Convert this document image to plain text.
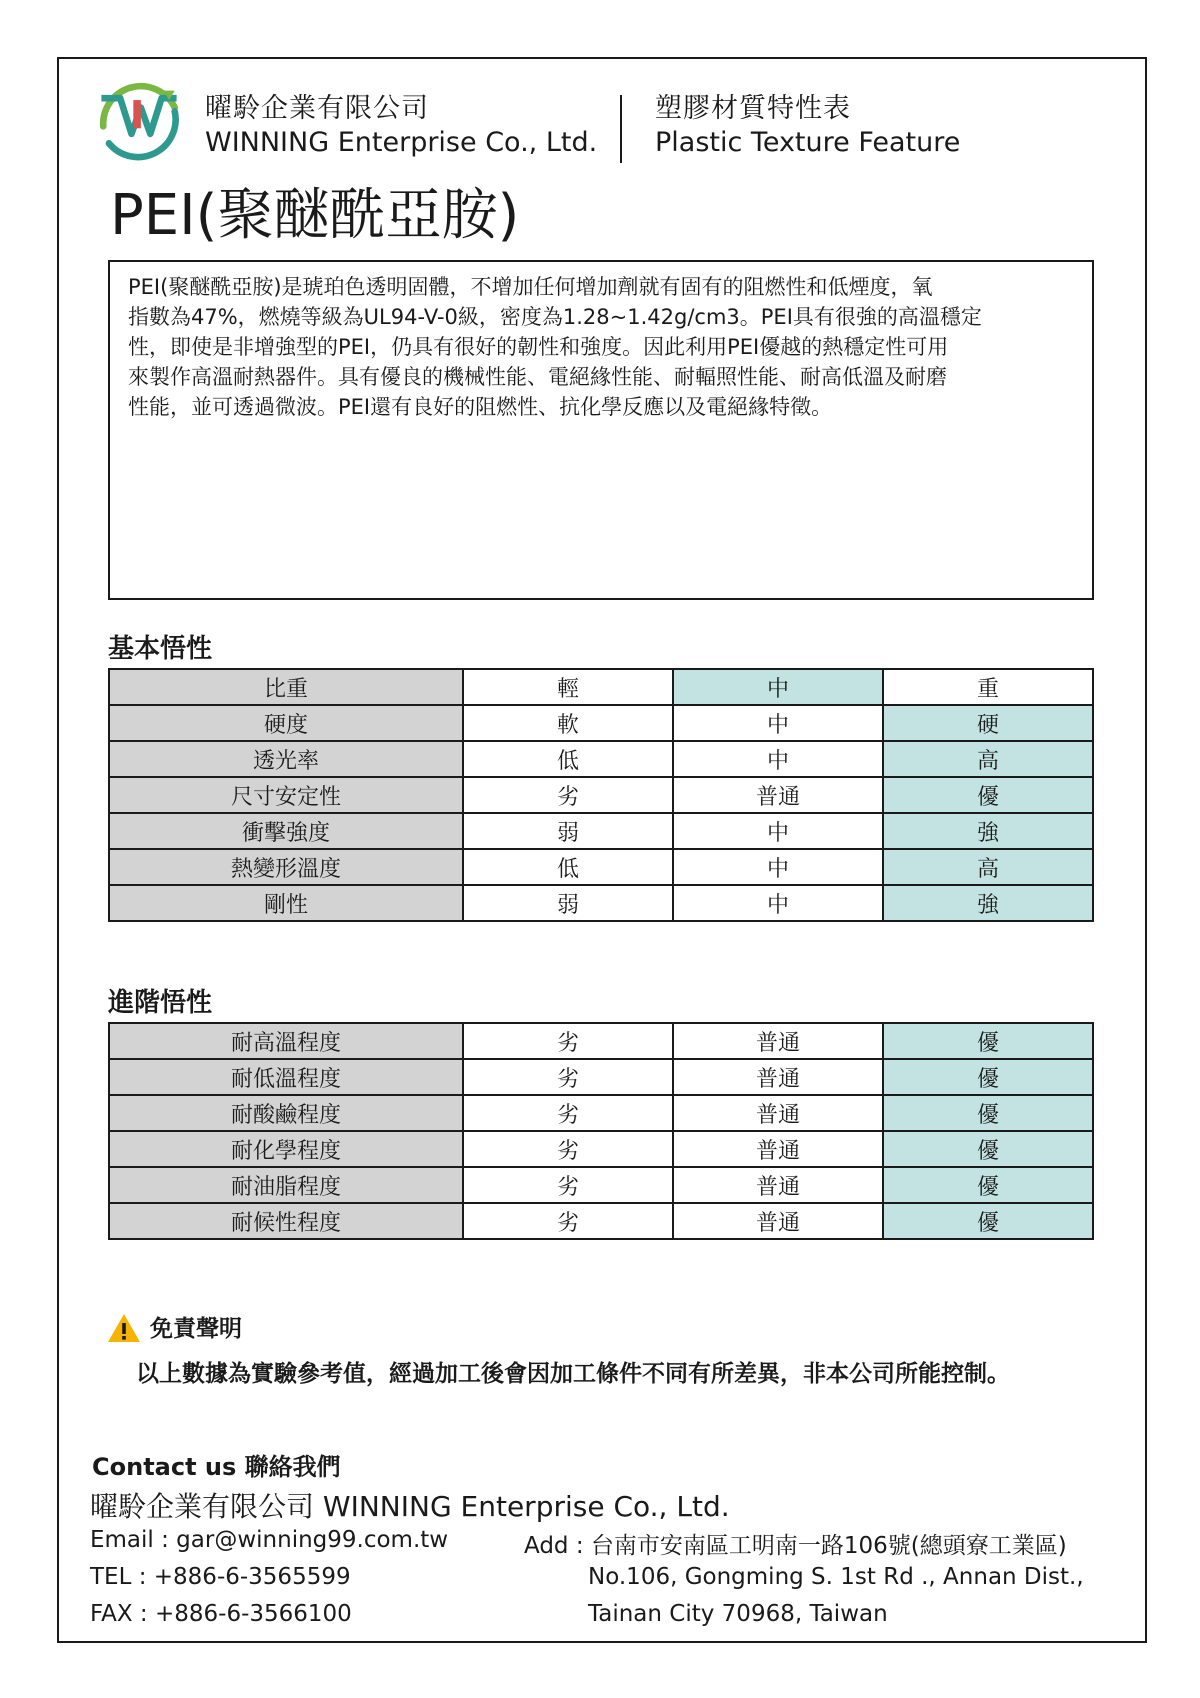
曜駖企業有限公司
WINNING Enterprise Co., Ltd.
塑膠材質特性表
Plastic Texture Feature
PEI(聚醚酰亞胺)

PEI(聚醚酰亞胺)是琥珀色透明固體，不增加任何增加劑就有固有的阻燃性和低煙度，氧

指數為47%，燃燒等級為UL94-V-0級，密度為1.28~1.42g/cm3。PEI具有很強的高溫穩定

性，即使是非增強型的PEI，仍具有很好的韌性和強度。因此利用PEI優越的熱穩定性可用

來製作高溫耐熱器件。具有優良的機械性能、電絕緣性能、耐輻照性能、耐高低溫及耐磨

性能，並可透過微波。PEI還有良好的阻燃性、抗化學反應以及電絕緣特徵。

基本悟性
比重	輕	中	重
硬度	軟	中	硬
透光率	低	中	高
尺寸安定性	劣	普通	優
衝擊強度	弱	中	強
熱變形溫度	低	中	高
剛性	弱	中	強
進階悟性
耐高溫程度	劣	普通	優
耐低溫程度	劣	普通	優
耐酸鹼程度	劣	普通	優
耐化學程度	劣	普通	優
耐油脂程度	劣	普通	優
耐候性程度	劣	普通	優
免責聲明
以上數據為實驗參考值，經過加工後會因加工條件不同有所差異，非本公司所能控制。
Contact us 聯絡我們
曜駖企業有限公司 WINNING Enterprise Co., Ltd.
Email : gar@winning99.com.tw
TEL : +886-6-3565599
FAX : +886-6-3566100
Add : 台南市安南區工明南一路106號(總頭寮工業區)
No.106, Gongming S. 1st Rd ., Annan Dist.,
Tainan City 70968, Taiwan
